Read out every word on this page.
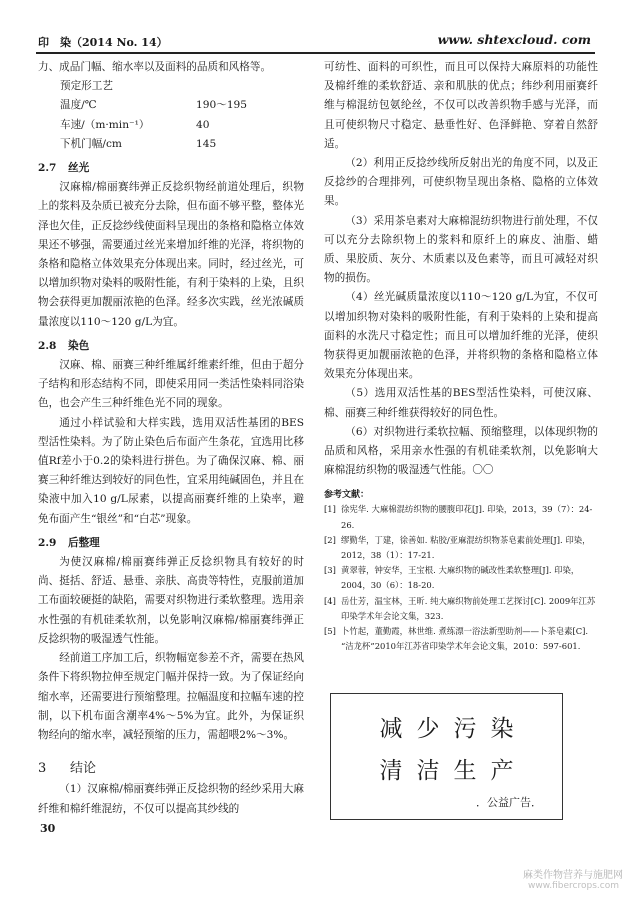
印　染（2014 No. 14）	www. shtexcloud. com

力、成品门幅、缩水率以及面料的品质和风格等。

预定形工艺

温度/℃	190～195
车速/（m·min⁻¹）	40
下机门幅/cm	145

2.7 丝光

汉麻棉/棉丽赛纬弹正反捻织物经前道处理后，织物上的浆料及杂质已被充分去除，但布面不够平整，整体光泽也欠佳，正反捻纱线使面料呈现出的条格和隐格立体效果还不够强，需要通过丝光来增加纤维的光泽，将织物的条格和隐格立体效果充分体现出来。同时，经过丝光，可以增加织物对染料的吸附性能，有利于染料的上染，且织物会获得更加靓丽浓艳的色泽。经多次实践，丝光浓碱质量浓度以110～120 g/L为宜。

2.8 染色

汉麻、棉、丽赛三种纤维属纤维素纤维，但由于超分子结构和形态结构不同，即使采用同一类活性染料同浴染色，也会产生三种纤维色光不同的现象。

通过小样试验和大样实践，选用双活性基团的BES型活性染料。为了防止染色后布面产生条花，宜选用比移值Rf差小于0.2的染料进行拼色。为了确保汉麻、棉、丽赛三种纤维达到较好的同色性，宜采用纯碱固色，并且在染液中加入10 g/L尿素，以提高丽赛纤维的上染率，避免布面产生“银丝”和“白芯”现象。

2.9 后整理

为使汉麻棉/棉丽赛纬弹正反捻织物具有较好的时尚、挺括、舒适、悬垂、亲肤、高贵等特性，克服前道加工布面较硬挺的缺陷，需要对织物进行柔软整理。选用亲水性强的有机硅柔软剂，以免影响汉麻棉/棉丽赛纬弹正反捻织物的吸湿透气性能。

经前道工序加工后，织物幅宽参差不齐，需要在热风条件下将织物拉伸至规定门幅并保持一致。为了保证经向缩水率，还需要进行预缩整理。拉幅温度和拉幅车速的控制，以下机布面含潮率4%～5%为宜。此外，为保证织物经向的缩水率，减轻预缩的压力，需超喂2%～3%。

3 结论

（1）汉麻棉/棉丽赛纬弹正反捻织物的经纱采用大麻纤维和棉纤维混纺，不仅可以提高其纱线的

可纺性、面料的可织性，而且可以保持大麻原料的功能性及棉纤维的柔软舒适、亲和肌肤的优点；纬纱利用丽赛纤维与棉混纺包氨纶丝，不仅可以改善织物手感与光泽，而且可使织物尺寸稳定、悬垂性好、色泽鲜艳、穿着自然舒适。

（2）利用正反捻纱线所反射出光的角度不同，以及正反捻纱的合理排列，可使织物呈现出条格、隐格的立体效果。

（3）采用茶皂素对大麻棉混纺织物进行前处理，不仅可以充分去除织物上的浆料和原纤上的麻皮、油脂、蜡质、果胶质、灰分、木质素以及色素等，而且可减轻对织物的损伤。

（4）丝光碱质量浓度以110～120 g/L为宜，不仅可以增加织物对染料的吸附性能，有利于染料的上染和提高面料的水洗尺寸稳定性；而且可以增加纤维的光泽，使织物获得更加靓丽浓艳的色泽，并将织物的条格和隐格立体效果充分体现出来。

（5）选用双活性基的BES型活性染料，可使汉麻、棉、丽赛三种纤维获得较好的同色性。

（6）对织物进行柔软拉幅、预缩整理，以体现织物的品质和风格，采用亲水性强的有机硅柔软剂，以免影响大麻棉混纺织物的吸湿透气性能。〇〇

参考文献：

[1] 徐宪华. 大麻棉混纺织物的腰腹印花[J]. 印染，2013，39（7）：24-26.
[2] 缪勤华，丁建，徐善如. 粘胶/亚麻混纺织物茶皂素前处理[J]. 印染，2012，38（1）：17-21.
[3] 黄翠蓉，钟安华，王宝根. 大麻织物的碱改性柔软整理[J]. 印染，2004，30（6）：18-20.
[4] 岳仕芳，温宝林，王昕. 纯大麻织物前处理工艺探讨[C]. 2009年江苏印染学术年会论文集，323.
[5] 卜竹起，董勤霞，林世维. 煮练漂一浴法新型助剂——卜茶皂素[C]. “洁龙杯”2010年江苏省印染学术年会论文集，2010：597-601.
减少污染
清洁生产
．公益广告．
30
麻类作物营养与施肥网
www.fibercrops.com
